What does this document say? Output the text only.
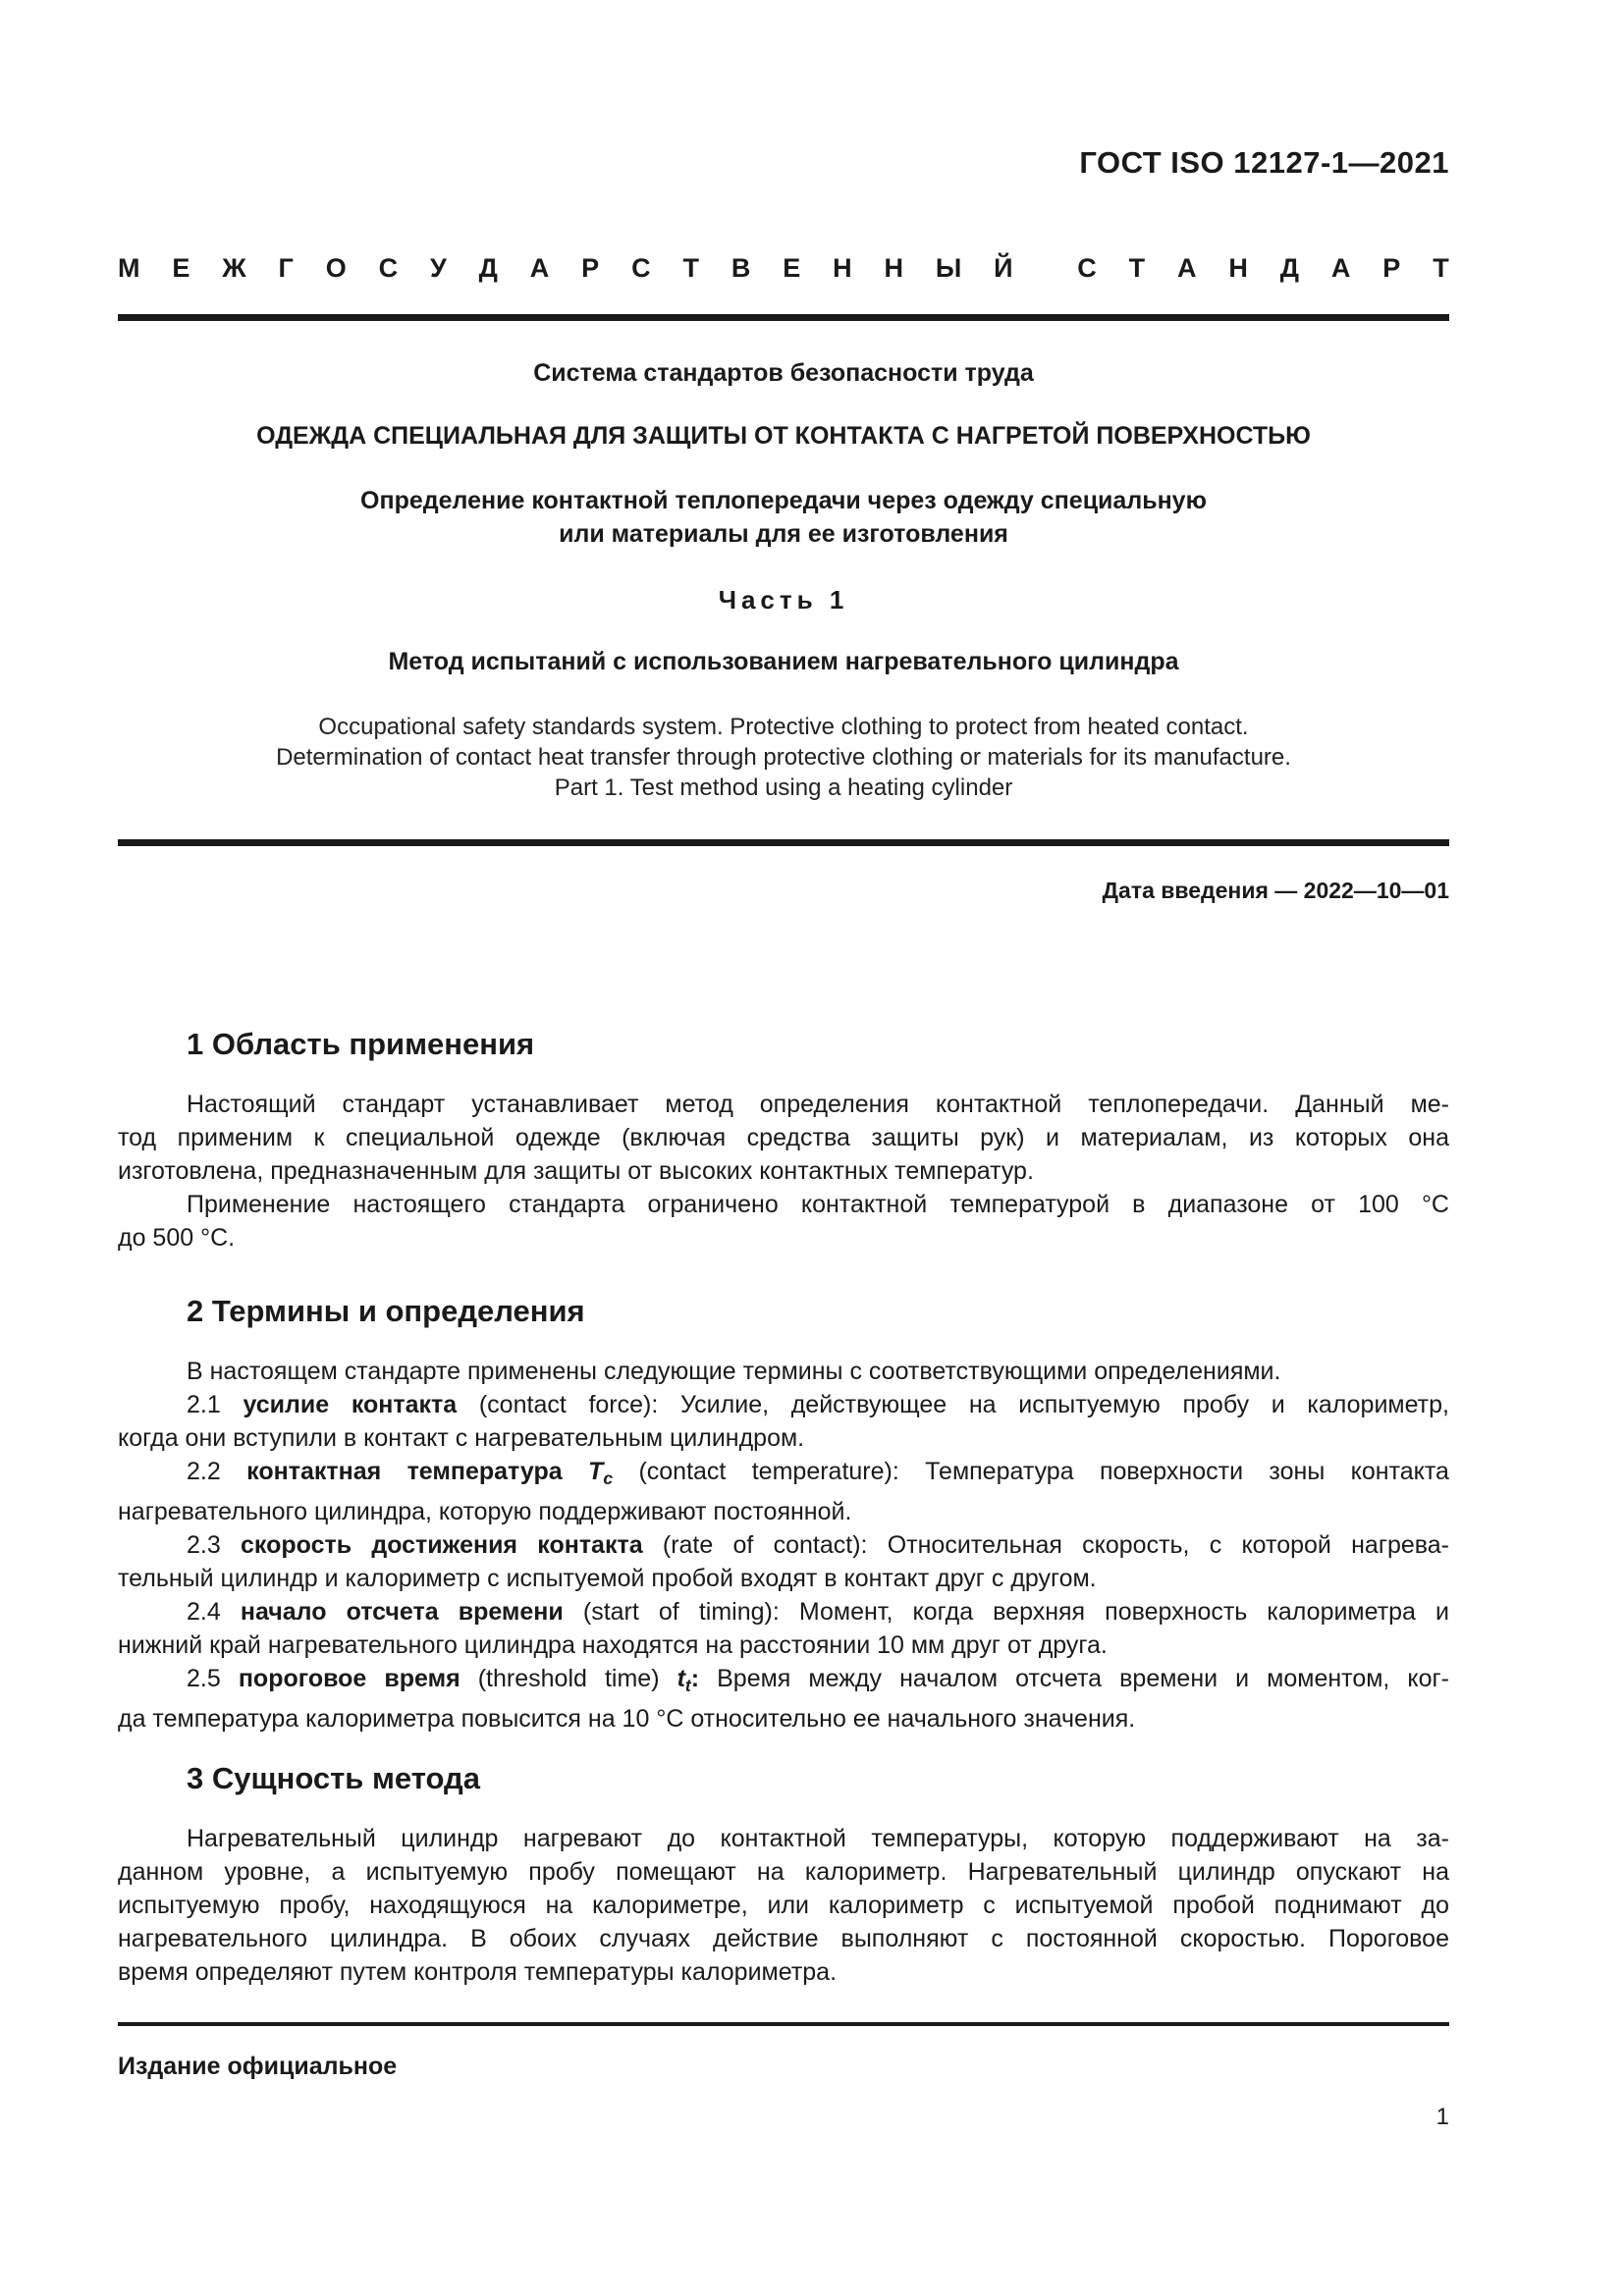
ГОСТ ISO 12127-1—2021
М Е Ж Г О С У Д А Р С Т В Е Н Н Ы Й С Т А Н Д А Р Т
Система стандартов безопасности труда
ОДЕЖДА СПЕЦИАЛЬНАЯ ДЛЯ ЗАЩИТЫ ОТ КОНТАКТА С НАГРЕТОЙ ПОВЕРХНОСТЬЮ
Определение контактной теплопередачи через одежду специальную
или материалы для ее изготовления
Часть 1
Метод испытаний с использованием нагревательного цилиндра
Occupational safety standards system. Protective clothing to protect from heated contact.
Determination of contact heat transfer through protective clothing or materials for its manufacture.
Part 1. Test method using a heating cylinder
Дата введения — 2022—10—01
1 Область применения
Настоящий стандарт устанавливает метод определения контактной теплопередачи. Данный ме-
тод применим к специальной одежде (включая средства защиты рук) и материалам, из которых она
изготовлена, предназначенным для защиты от высоких контактных температур.
Применение настоящего стандарта ограничено контактной температурой в диапазоне от 100 °С
до 500 °С.
2 Термины и определения
В настоящем стандарте применены следующие термины с соответствующими определениями.
2.1 усилие контакта (contact force): Усилие, действующее на испытуемую пробу и калориметр,
когда они вступили в контакт с нагревательным цилиндром.
2.2 контактная температура $T_c$ (contact temperature): Температура поверхности зоны контакта
нагревательного цилиндра, которую поддерживают постоянной.
2.3 скорость достижения контакта (rate of contact): Относительная скорость, с которой нагрева-
тельный цилиндр и калориметр с испытуемой пробой входят в контакт друг с другом.
2.4 начало отсчета времени (start of timing): Момент, когда верхняя поверхность калориметра и
нижний край нагревательного цилиндра находятся на расстоянии 10 мм друг от друга.
2.5 пороговое время (threshold time) $t_t$: Время между началом отсчета времени и моментом, ког-
да температура калориметра повысится на 10 °С относительно ее начального значения.
3 Сущность метода
Нагревательный цилиндр нагревают до контактной температуры, которую поддерживают на за-
данном уровне, а испытуемую пробу помещают на калориметр. Нагревательный цилиндр опускают на
испытуемую пробу, находящуюся на калориметре, или калориметр с испытуемой пробой поднимают до
нагревательного цилиндра. В обоих случаях действие выполняют с постоянной скоростью. Пороговое
время определяют путем контроля температуры калориметра.
Издание официальное
1
